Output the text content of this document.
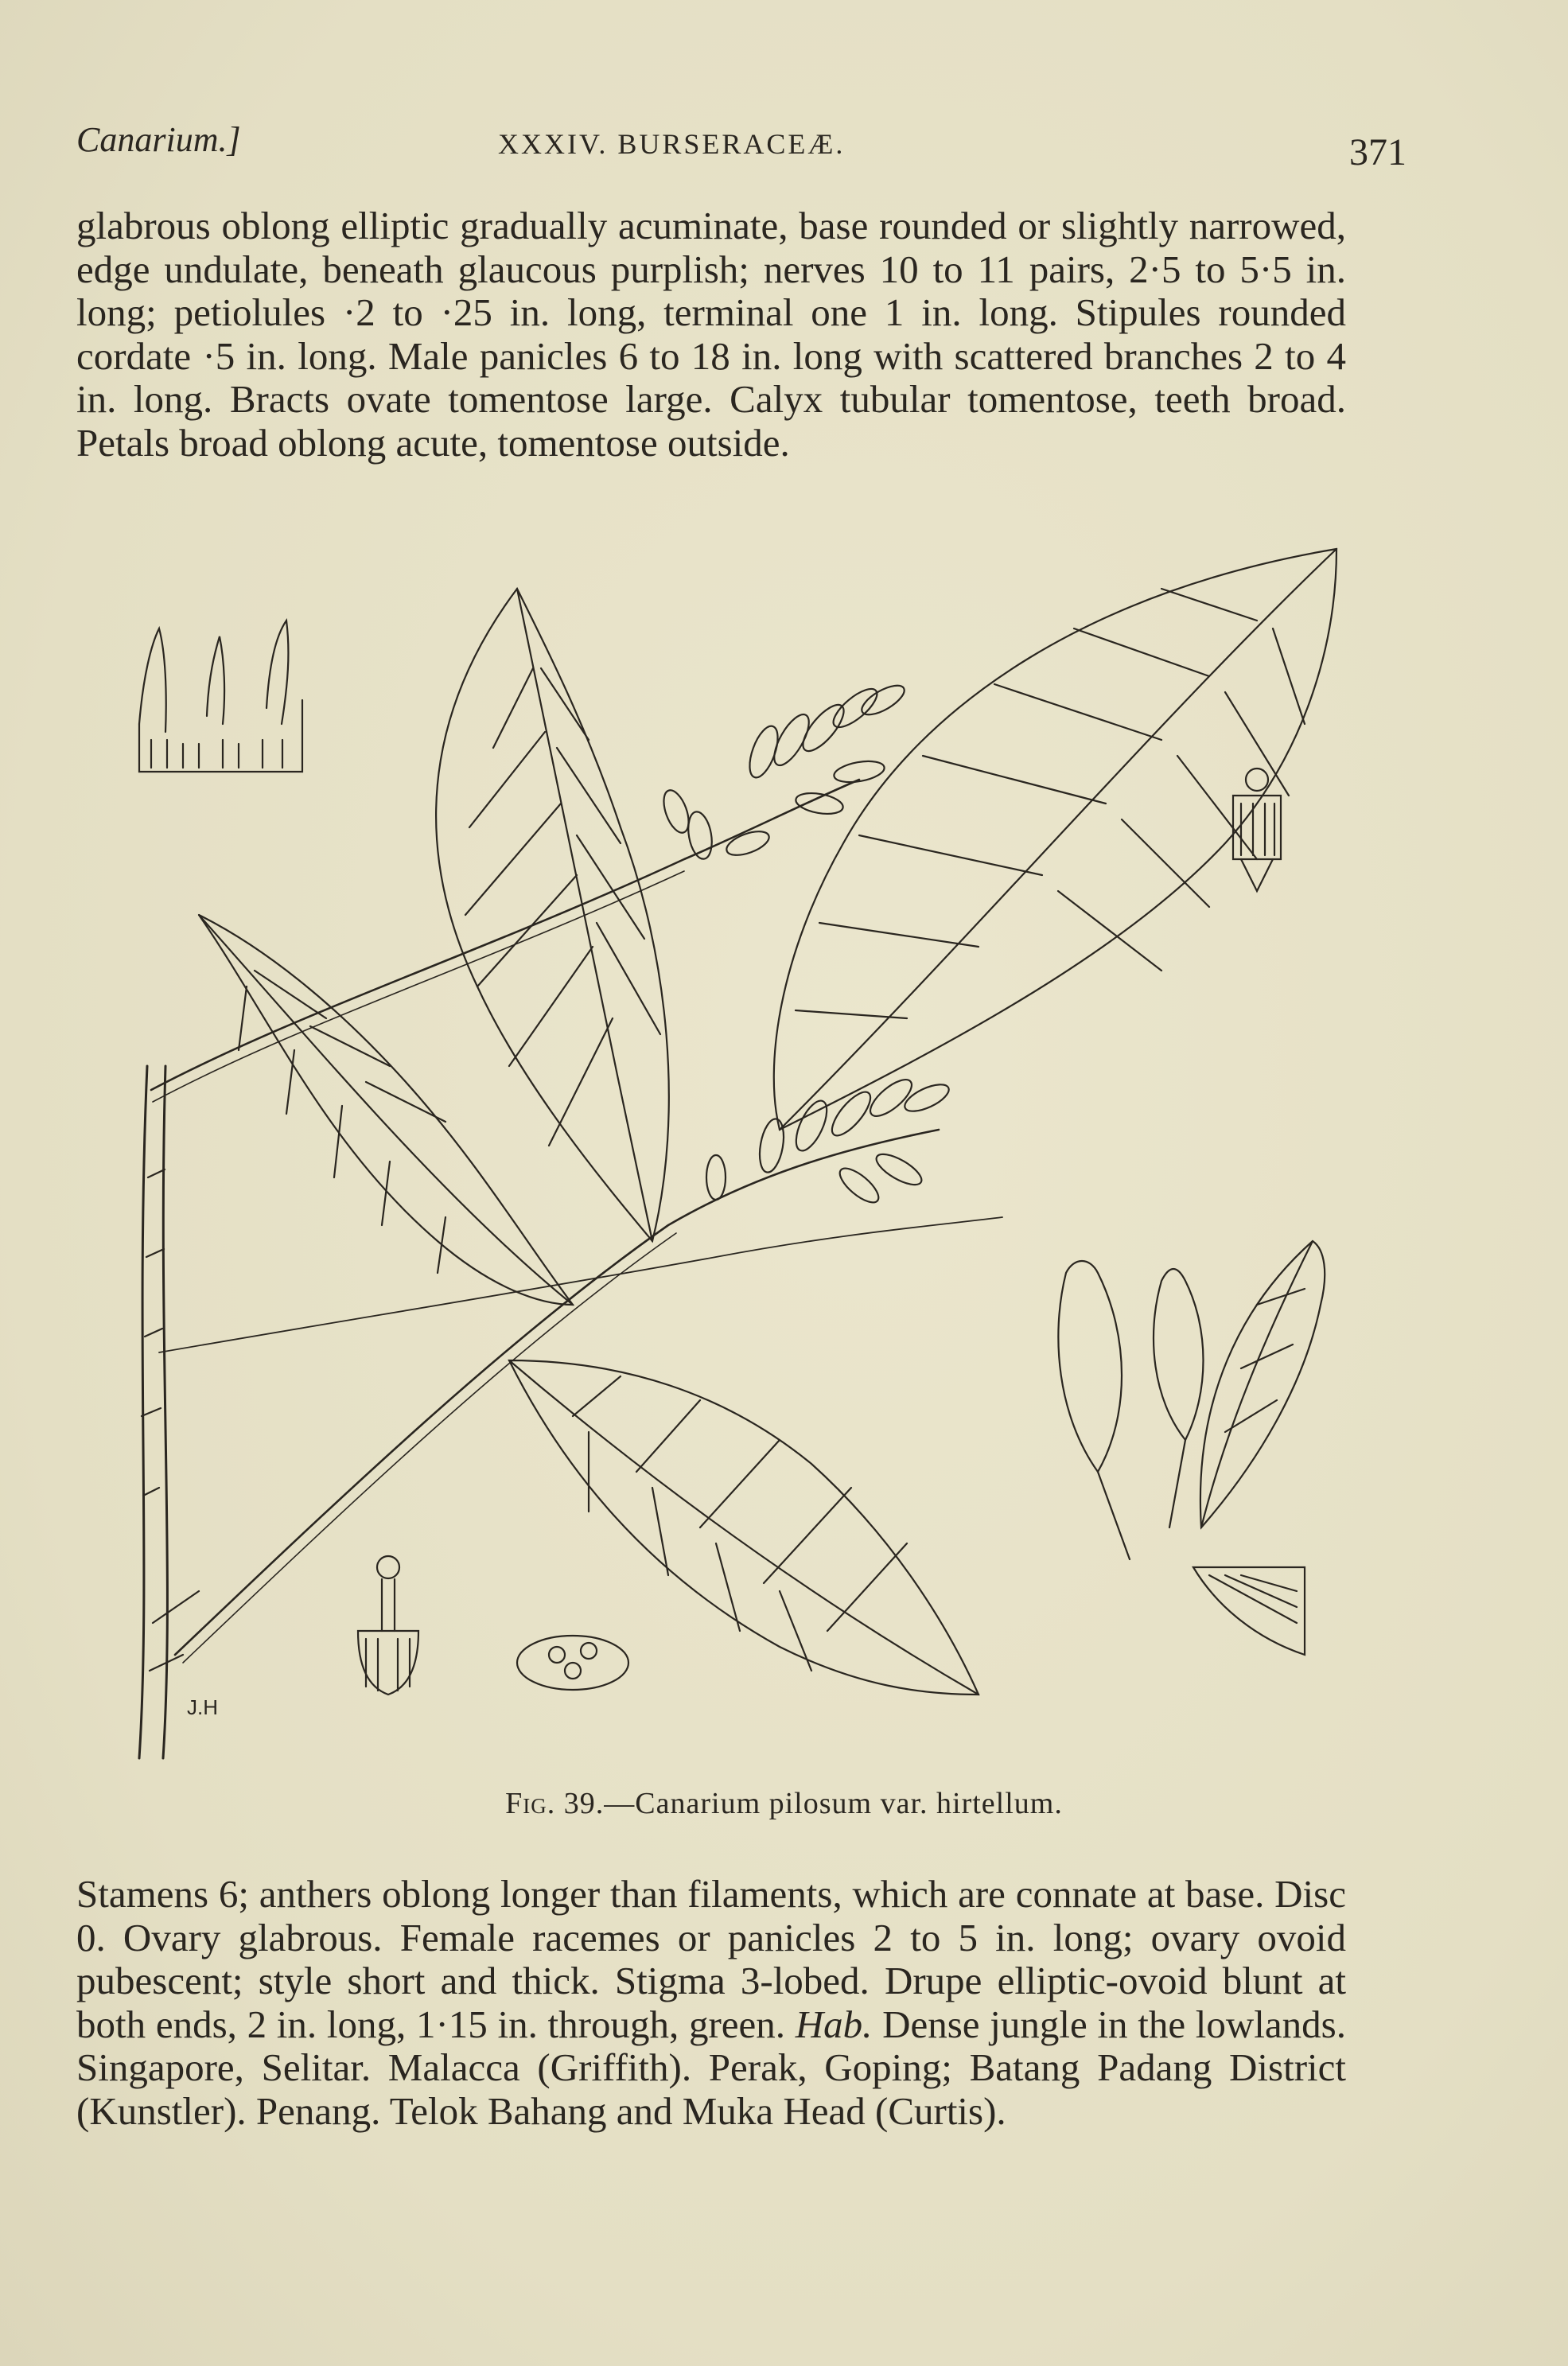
Canarium.]	XXXIV. BURSERACEÆ.	371
glabrous oblong elliptic gradually acuminate, base rounded or slightly narrowed, edge undulate, beneath glaucous purplish; nerves 10 to 11 pairs, 2·5 to 5·5 in. long; petiolules ·2 to ·25 in. long, terminal one 1 in. long. Stipules rounded cordate ·5 in. long. Male panicles 6 to 18 in. long with scattered branches 2 to 4 in. long. Bracts ovate tomentose large. Calyx tubular tomentose, teeth broad. Petals broad oblong acute, tomentose outside.
J.H
Fig. 39.—Canarium pilosum var. hirtellum.
Stamens 6; anthers oblong longer than filaments, which are connate at base. Disc 0. Ovary glabrous. Female racemes or panicles 2 to 5 in. long; ovary ovoid pubescent; style short and thick. Stigma 3-lobed. Drupe elliptic-ovoid blunt at both ends, 2 in. long, 1·15 in. through, green. Hab. Dense jungle in the lowlands. Singapore, Selitar. Malacca (Griffith). Perak, Goping; Batang Padang District (Kunstler). Penang. Telok Bahang and Muka Head (Curtis).
